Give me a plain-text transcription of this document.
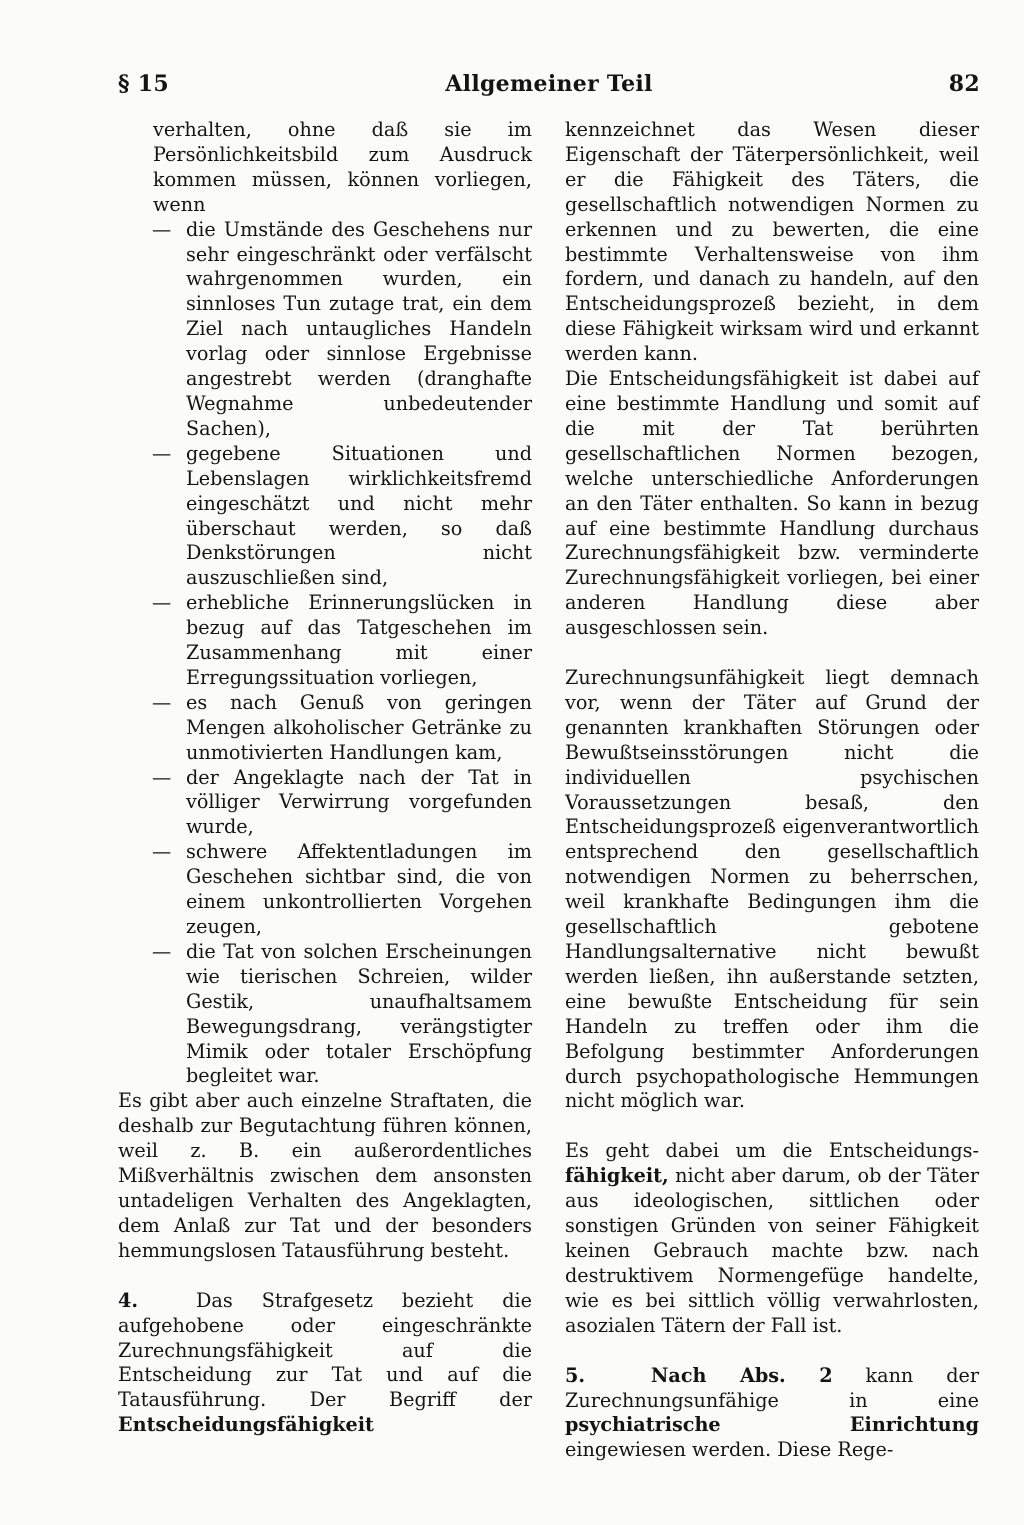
§ 15	Allgemeiner Teil	82

verhalten, ohne daß sie im Persönlichkeitsbild zum Ausdruck kommen müssen, können vorliegen, wenn

— die Umstände des Geschehens nur sehr eingeschränkt oder verfälscht wahrgenommen wurden, ein sinnloses Tun zutage trat, ein dem Ziel nach untaugliches Handeln vorlag oder sinnlose Ergebnisse angestrebt werden (dranghafte Wegnahme unbedeutender Sachen),
— gegebene Situationen und Lebenslagen wirklichkeitsfremd eingeschätzt und nicht mehr überschaut werden, so daß Denkstörungen nicht auszuschließen sind,
— erhebliche Erinnerungslücken in bezug auf das Tatgeschehen im Zusammenhang mit einer Erregungssituation vorliegen,
— es nach Genuß von geringen Mengen alkoholischer Getränke zu unmotivierten Handlungen kam,
— der Angeklagte nach der Tat in völliger Verwirrung vorgefunden wurde,
— schwere Affektentladungen im Geschehen sichtbar sind, die von einem unkontrollierten Vorgehen zeugen,
— die Tat von solchen Erscheinungen wie tierischen Schreien, wilder Gestik, unaufhaltsamem Bewegungsdrang, verängstigter Mimik oder totaler Erschöpfung begleitet war.

Es gibt aber auch einzelne Straftaten, die deshalb zur Begutachtung führen können, weil z. B. ein außerordentliches Mißverhältnis zwischen dem ansonsten untadeligen Verhalten des Angeklagten, dem Anlaß zur Tat und der besonders hemmungslosen Tatausführung besteht.

4.	Das Strafgesetz bezieht die aufgehobene oder eingeschränkte Zurechnungsfähigkeit auf die Entscheidung zur Tat und auf die Tatausführung. Der Begriff der Entscheidungsfähigkeit

kennzeichnet das Wesen dieser Eigenschaft der Täterpersönlichkeit, weil er die Fähigkeit des Täters, die gesellschaftlich notwendigen Normen zu erkennen und zu bewerten, die eine bestimmte Verhaltensweise von ihm fordern, und danach zu handeln, auf den Entscheidungsprozeß bezieht, in dem diese Fähigkeit wirksam wird und erkannt werden kann.

Die Entscheidungsfähigkeit ist dabei auf eine bestimmte Handlung und somit auf die mit der Tat berührten gesellschaftlichen Normen bezogen, welche unterschiedliche Anforderungen an den Täter enthalten. So kann in bezug auf eine bestimmte Handlung durchaus Zurechnungsfähigkeit bzw. verminderte Zurechnungsfähigkeit vorliegen, bei einer anderen Handlung diese aber ausgeschlossen sein.

Zurechnungsunfähigkeit liegt demnach vor, wenn der Täter auf Grund der genannten krankhaften Störungen oder Bewußtseinsstörungen nicht die individuellen psychischen Voraussetzungen besaß, den Entscheidungsprozeß eigenverantwortlich entsprechend den gesellschaftlich notwendigen Normen zu beherrschen, weil krankhafte Bedingungen ihm die gesellschaftlich gebotene Handlungsalternative nicht bewußt werden ließen, ihn außerstande setzten, eine bewußte Entscheidung für sein Handeln zu treffen oder ihm die Befolgung bestimmter Anforderungen durch psychopathologische Hemmungen nicht möglich war.

Es geht dabei um die Entscheidungs- fähigkeit, nicht aber darum, ob der Täter aus ideologischen, sittlichen oder sonstigen Gründen von seiner Fähigkeit keinen Gebrauch machte bzw. nach destruktivem Normengefüge handelte, wie es bei sittlich völlig verwahrlosten, asozialen Tätern der Fall ist.

5.	Nach Abs. 2 kann der Zurechnungsunfähige in eine psychiatrische Einrichtung eingewiesen werden. Diese Rege-
